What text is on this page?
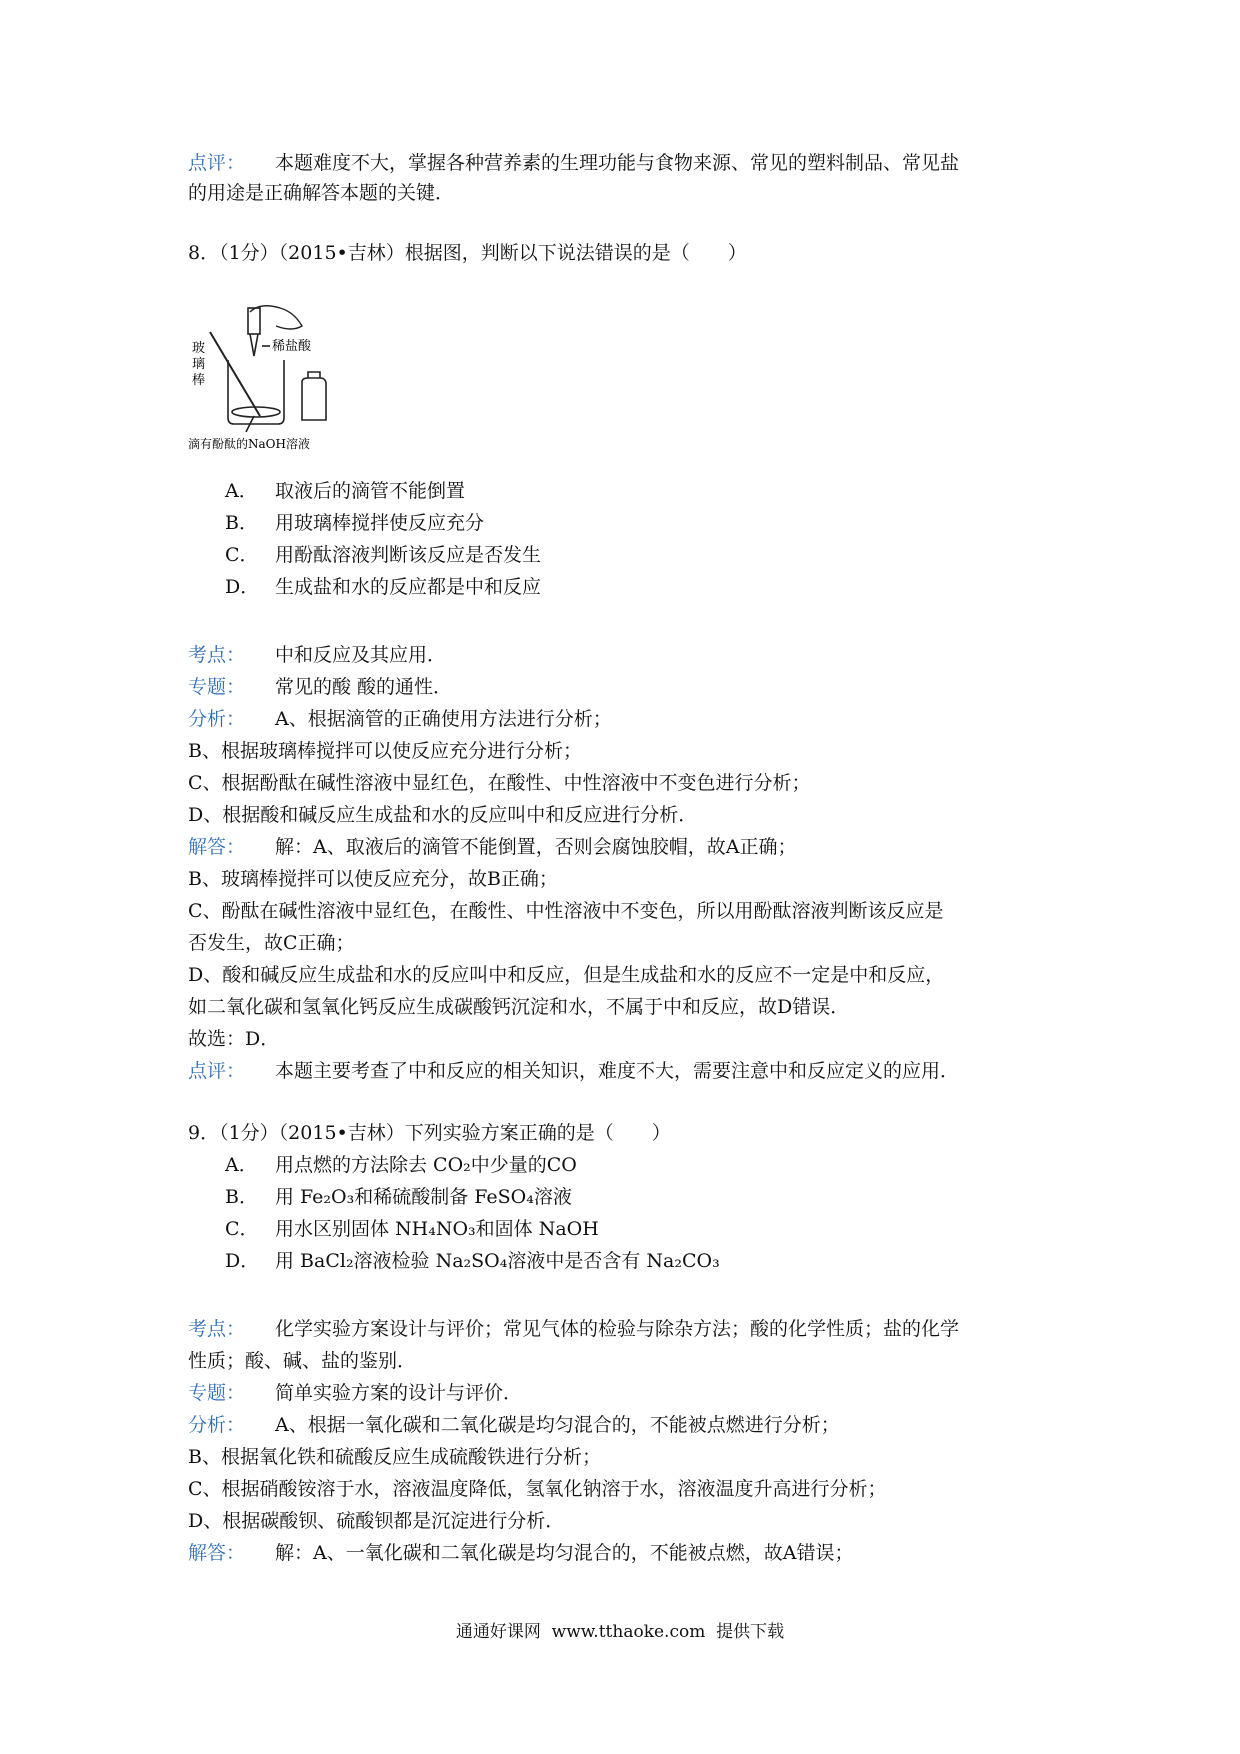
点评： 本题难度不大，掌握各种营养素的生理功能与食物来源、常见的塑料制品、常见盐
的用途是正确解答本题的关键．
8．（1分）（2015•吉林）根据图，判断以下说法错误的是（　　）
玻
璃
棒
稀盐酸
滴有酚酞的NaOH溶液
A． 取液后的滴管不能倒置
B． 用玻璃棒搅拌使反应充分
C． 用酚酞溶液判断该反应是否发生
D． 生成盐和水的反应都是中和反应
考点： 中和反应及其应用．
专题： 常见的酸 酸的通性．
分析： A、根据滴管的正确使用方法进行分析；
B、根据玻璃棒搅拌可以使反应充分进行分析；
C、根据酚酞在碱性溶液中显红色，在酸性、中性溶液中不变色进行分析；
D、根据酸和碱反应生成盐和水的反应叫中和反应进行分析．
解答： 解：A、取液后的滴管不能倒置，否则会腐蚀胶帽，故A正确；
B、玻璃棒搅拌可以使反应充分，故B正确；
C、酚酞在碱性溶液中显红色，在酸性、中性溶液中不变色，所以用酚酞溶液判断该反应是
否发生，故C正确；
D、酸和碱反应生成盐和水的反应叫中和反应，但是生成盐和水的反应不一定是中和反应，
如二氧化碳和氢氧化钙反应生成碳酸钙沉淀和水，不属于中和反应，故D错误．
故选：D．
点评： 本题主要考查了中和反应的相关知识，难度不大，需要注意中和反应定义的应用．
9．（1分）（2015•吉林）下列实验方案正确的是（　　）
A． 用点燃的方法除去 CO₂中少量的CO
B． 用 Fe₂O₃和稀硫酸制备 FeSO₄溶液
C． 用水区别固体 NH₄NO₃和固体 NaOH
D． 用 BaCl₂溶液检验 Na₂SO₄溶液中是否含有 Na₂CO₃
考点： 化学实验方案设计与评价；常见气体的检验与除杂方法；酸的化学性质；盐的化学
性质；酸、碱、盐的鉴别．
专题： 简单实验方案的设计与评价．
分析： A、根据一氧化碳和二氧化碳是均匀混合的，不能被点燃进行分析；
B、根据氧化铁和硫酸反应生成硫酸铁进行分析；
C、根据硝酸铵溶于水，溶液温度降低，氢氧化钠溶于水，溶液温度升高进行分析；
D、根据碳酸钡、硫酸钡都是沉淀进行分析．
解答： 解：A、一氧化碳和二氧化碳是均匀混合的，不能被点燃，故A错误；
通通好课网  www.tthaoke.com  提供下载
